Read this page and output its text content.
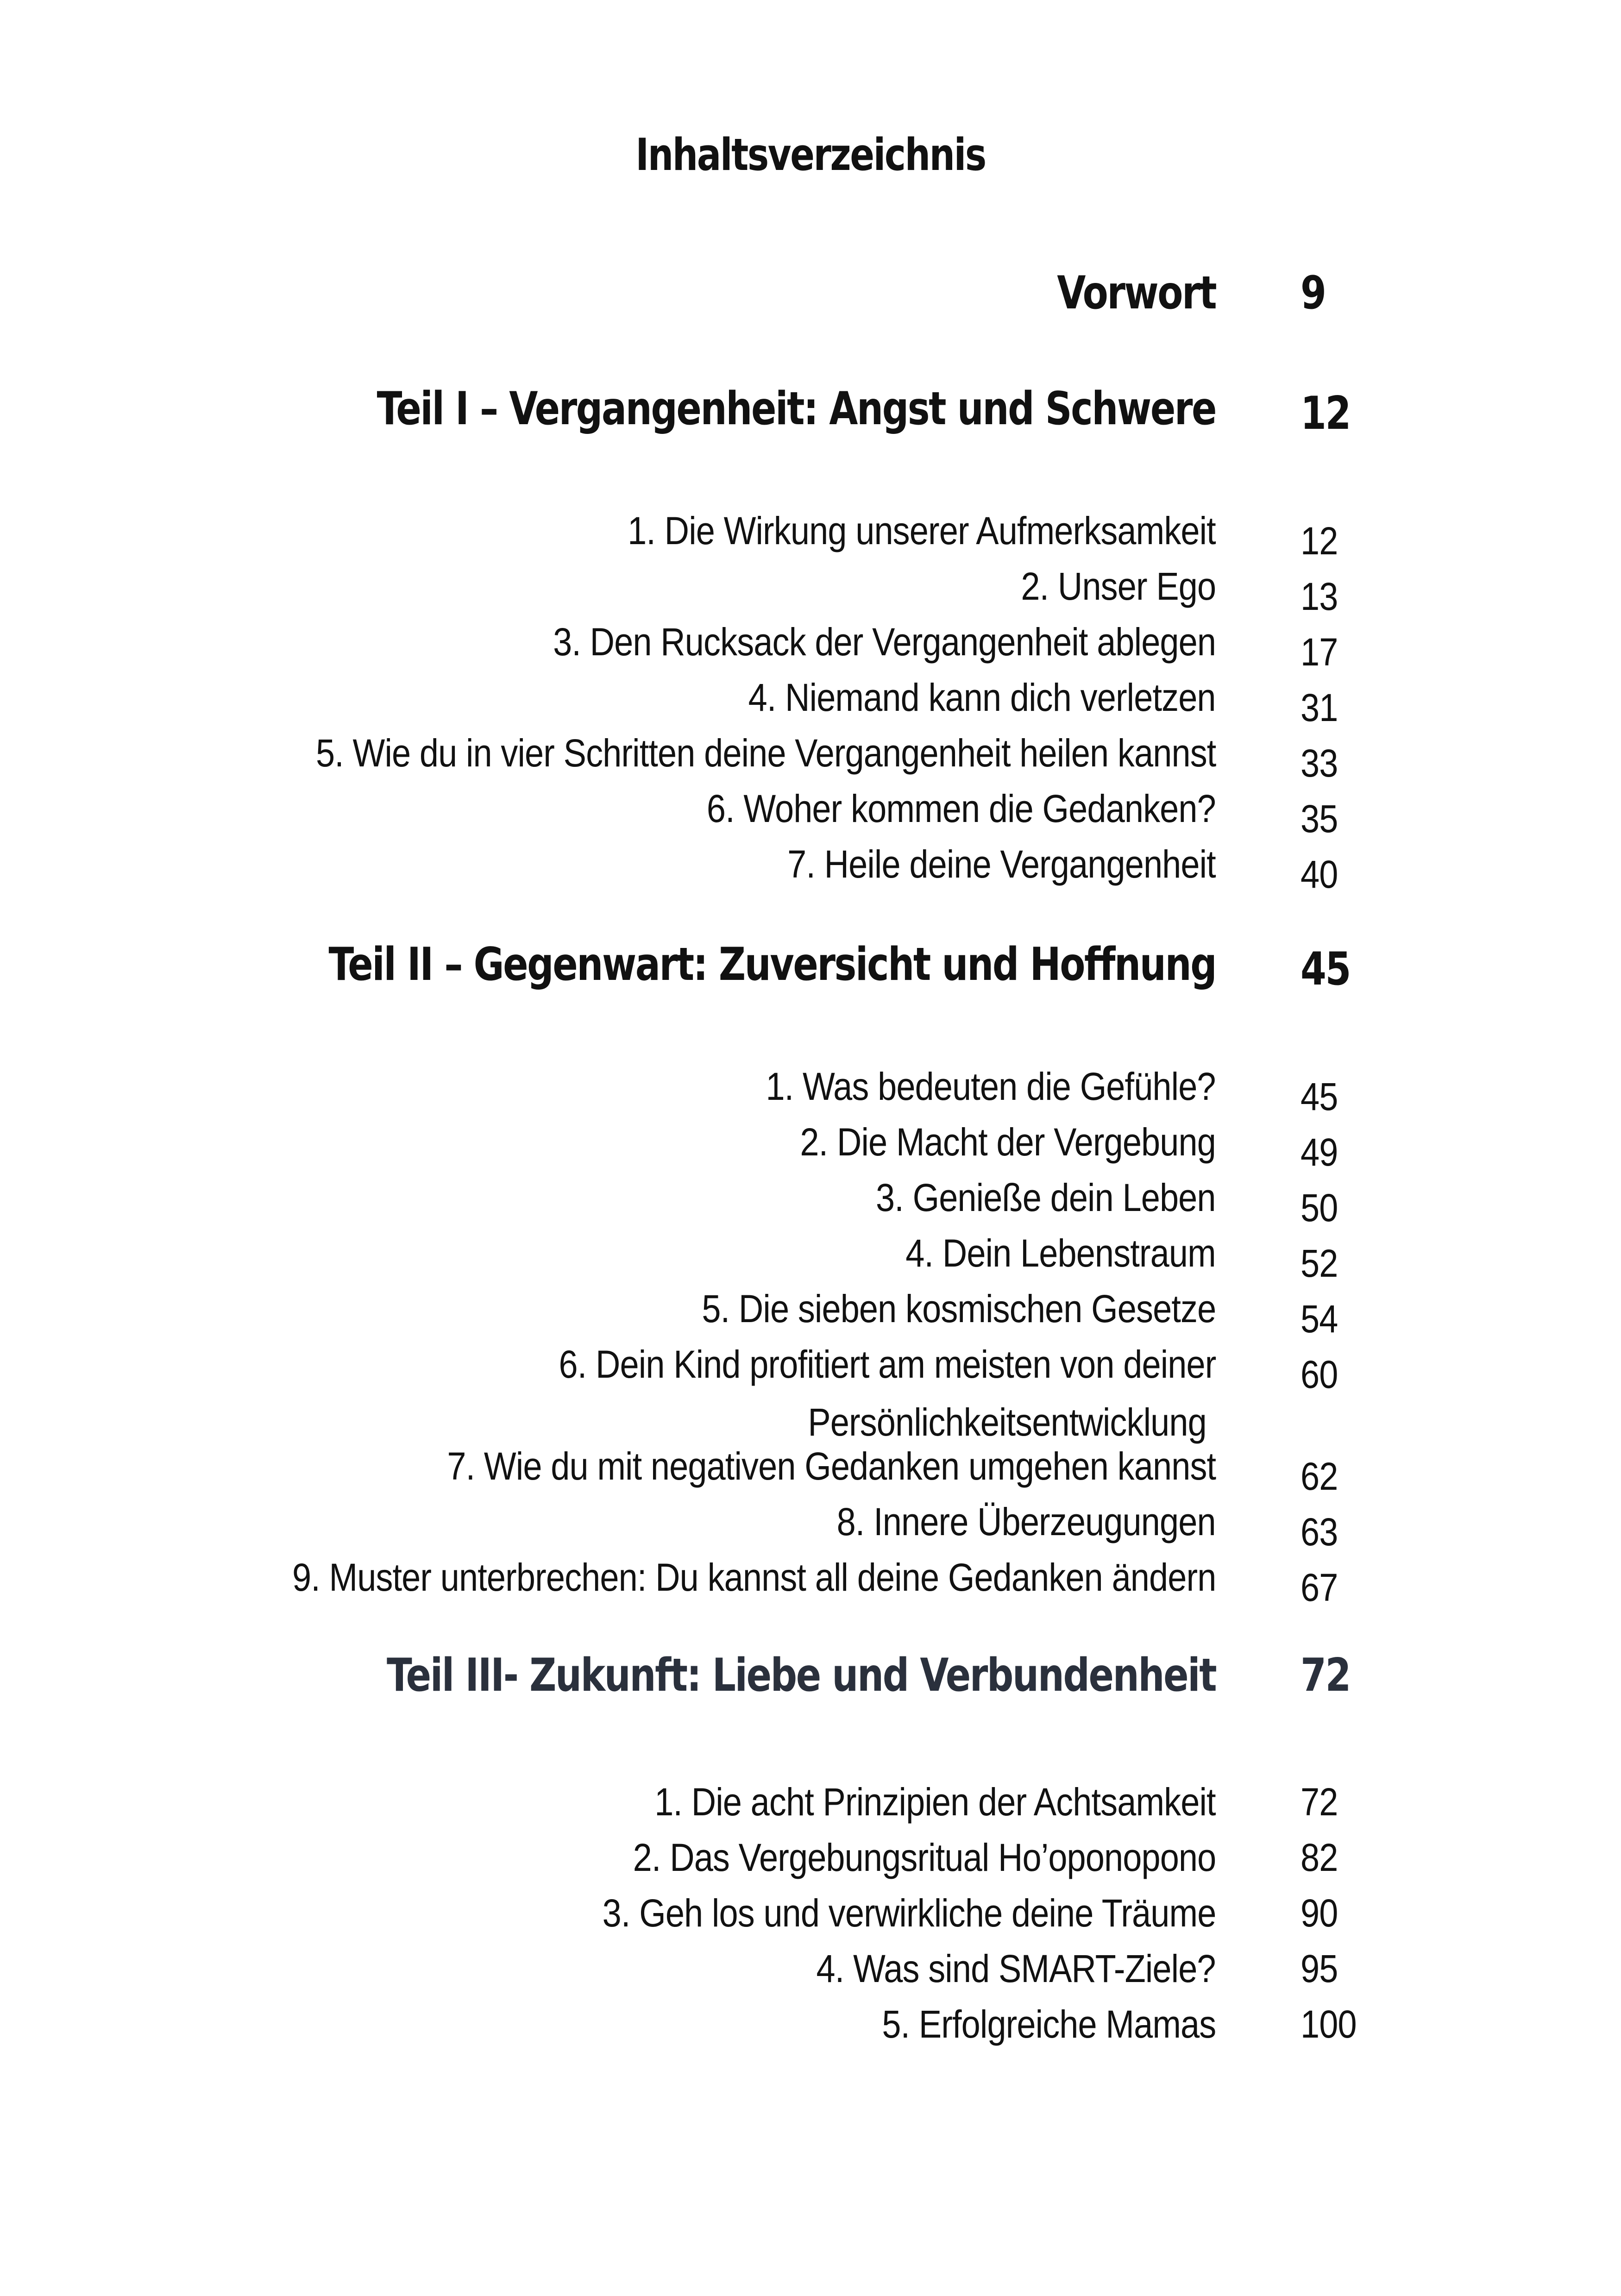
Inhaltsverzeichnis
Vorwort 9
Teil I – Vergangenheit: Angst und Schwere 12
1. Die Wirkung unserer Aufmerksamkeit 12
2. Unser Ego 13
3. Den Rucksack der Vergangenheit ablegen 17
4. Niemand kann dich verletzen 31
5. Wie du in vier Schritten deine Vergangenheit heilen kannst 33
6. Woher kommen die Gedanken? 35
7. Heile deine Vergangenheit 40
Teil II – Gegenwart: Zuversicht und Hoffnung 45
1. Was bedeuten die Gefühle? 45
2. Die Macht der Vergebung 49
3. Genieße dein Leben 50
4. Dein Lebenstraum 52
5. Die sieben kosmischen Gesetze 54
6. Dein Kind profitiert am meisten von deiner 60
Persönlichkeitsentwicklung
7. Wie du mit negativen Gedanken umgehen kannst 62
8. Innere Überzeugungen 63
9. Muster unterbrechen: Du kannst all deine Gedanken ändern 67
Teil III- Zukunft: Liebe und Verbundenheit 72
1. Die acht Prinzipien der Achtsamkeit 72
2. Das Vergebungsritual Ho’oponopono 82
3. Geh los und verwirkliche deine Träume 90
4. Was sind SMART-Ziele? 95
5. Erfolgreiche Mamas 100
